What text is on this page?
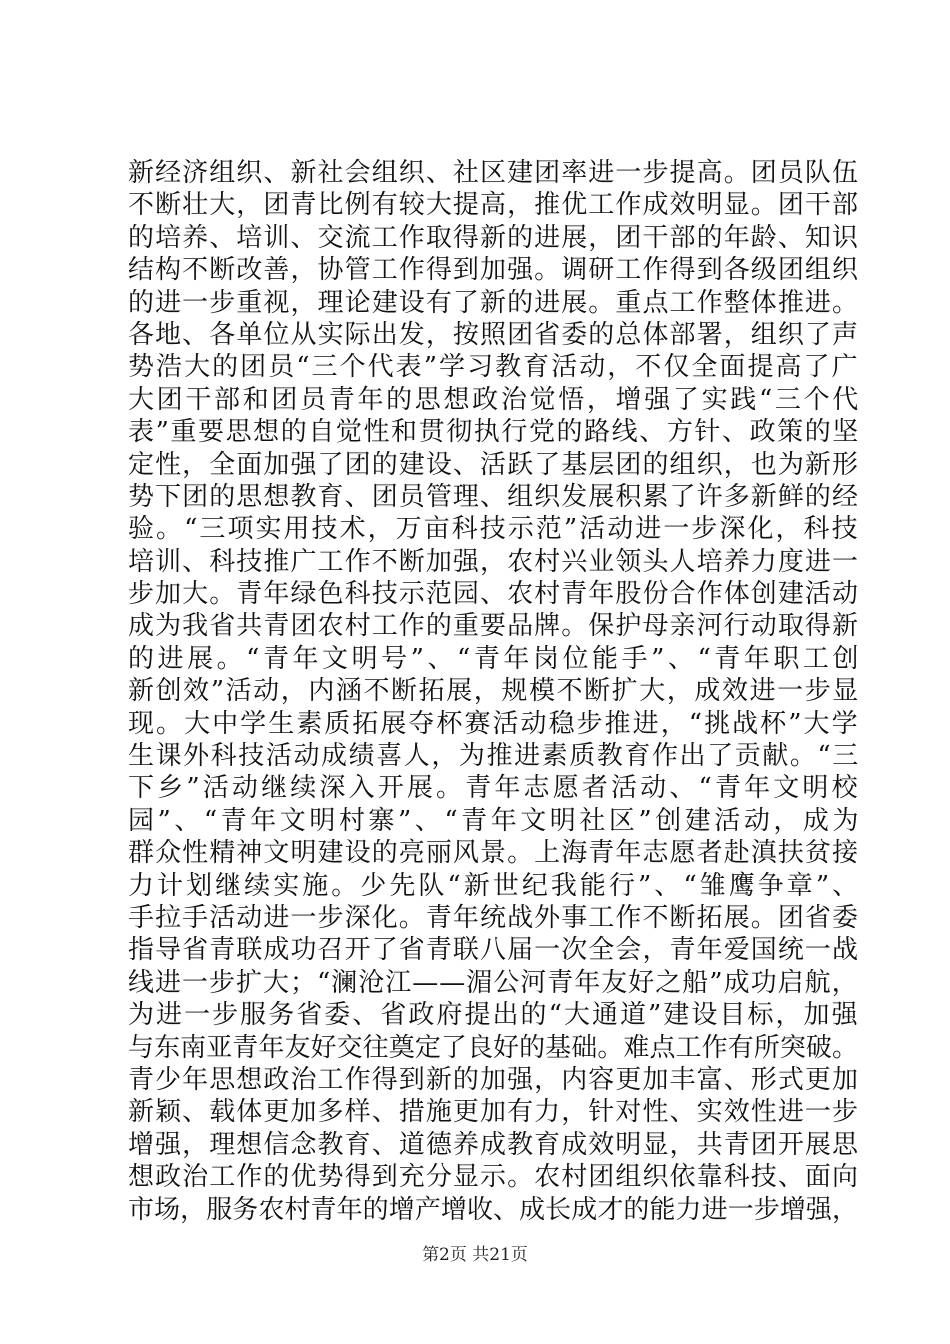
新经济组织、新社会组织、社区建团率进一步提高。团员队伍
不断壮大，团青比例有较大提高，推优工作成效明显。团干部
的培养、培训、交流工作取得新的进展，团干部的年龄、知识
结构不断改善，协管工作得到加强。调研工作得到各级团组织
的进一步重视，理论建设有了新的进展。重点工作整体推进。
各地、各单位从实际出发，按照团省委的总体部署，组织了声
势浩大的团员“三个代表”学习教育活动，不仅全面提高了广
大团干部和团员青年的思想政治觉悟，增强了实践“三个代
表”重要思想的自觉性和贯彻执行党的路线、方针、政策的坚
定性，全面加强了团的建设、活跃了基层团的组织，也为新形
势下团的思想教育、团员管理、组织发展积累了许多新鲜的经
验。“三项实用技术，万亩科技示范”活动进一步深化，科技
培训、科技推广工作不断加强，农村兴业领头人培养力度进一
步加大。青年绿色科技示范园、农村青年股份合作体创建活动
成为我省共青团农村工作的重要品牌。保护母亲河行动取得新
的进展。“青年文明号”、“青年岗位能手”、“青年职工创
新创效”活动，内涵不断拓展，规模不断扩大，成效进一步显
现。大中学生素质拓展夺杯赛活动稳步推进，“挑战杯”大学
生课外科技活动成绩喜人，为推进素质教育作出了贡献。“三
下乡”活动继续深入开展。青年志愿者活动、“青年文明校
园”、“青年文明村寨”、“青年文明社区”创建活动，成为
群众性精神文明建设的亮丽风景。上海青年志愿者赴滇扶贫接
力计划继续实施。少先队“新世纪我能行”、“雏鹰争章”、
手拉手活动进一步深化。青年统战外事工作不断拓展。团省委
指导省青联成功召开了省青联八届一次全会，青年爱国统一战
线进一步扩大；“澜沧江——湄公河青年友好之船”成功启航，
为进一步服务省委、省政府提出的“大通道”建设目标，加强
与东南亚青年友好交往奠定了良好的基础。难点工作有所突破。
青少年思想政治工作得到新的加强，内容更加丰富、形式更加
新颖、载体更加多样、措施更加有力，针对性、实效性进一步
增强，理想信念教育、道德养成教育成效明显，共青团开展思
想政治工作的优势得到充分显示。农村团组织依靠科技、面向
市场，服务农村青年的增产增收、成长成才的能力进一步增强，
第2页 共21页
